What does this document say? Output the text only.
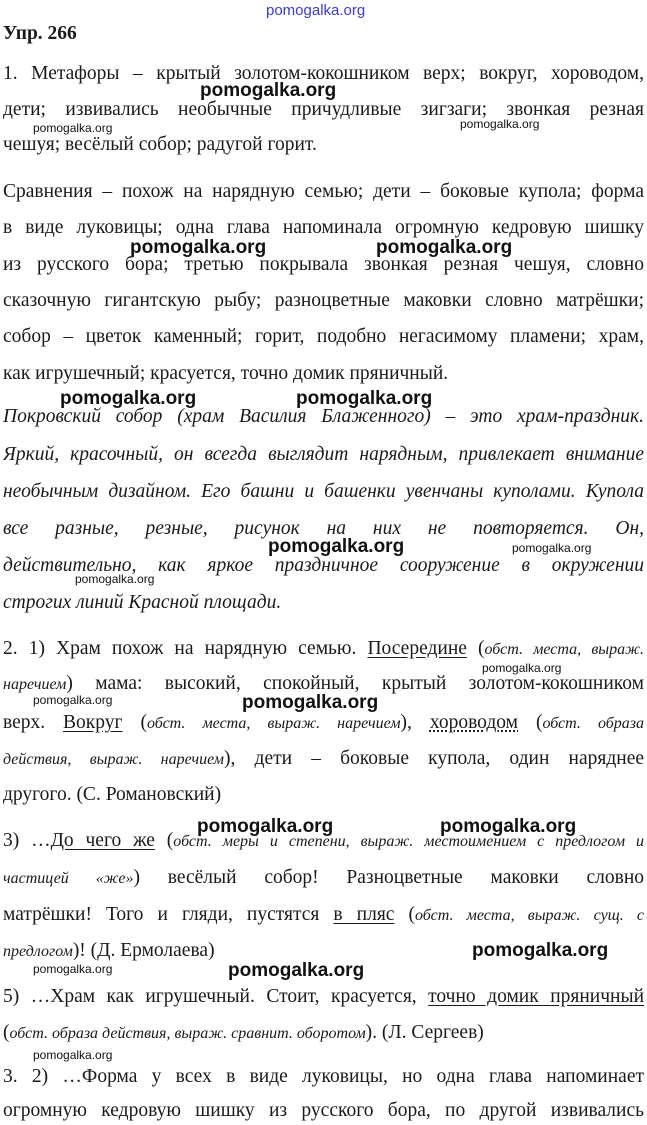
pomogalka.org
Упр. 266
1. Метафоры – крытый золотом-кокошником верх; вокруг, хороводом,
pomogalka.org
дети; извивались необычные причудливые зигзаги; звонкая резная
pomogalka.org	pomogalka.org
чешуя; весёлый собор; радугой горит.
Сравнения – похож на нарядную семью; дети – боковые купола; форма
в виде луковицы; одна глава напоминала огромную кедровую шишку
pomogalka.org	pomogalka.org
из русского бора; третью покрывала звонкая резная чешуя, словно
сказочную гигантскую рыбу; разноцветные маковки словно матрёшки;
собор – цветок каменный; горит, подобно негасимому пламени; храм,
как игрушечный; красуется, точно домик пряничный.
pomogalka.org	pomogalka.org
Покровский собор (храм Василия Блаженного) – это храм-праздник.
Яркий, красочный, он всегда выглядит нарядным, привлекает внимание
необычным дизайном. Его башни и башенки увенчаны куполами. Купола
все разные, резные, рисунок на них не повторяется. Он,
pomogalka.org	pomogalka.org
действительно, как яркое праздничное сооружение в окружении
pomogalka.org
строгих линий Красной площади.
2. 1) Храм похож на нарядную семью. Посередине (обст. места, выраж.
pomogalka.org
наречием) мама: высокий, спокойный, крытый золотом-кокошником
pomogalka.org	pomogalka.org
верх. Вокруг (обст. места, выраж. наречием), хороводом (обст. образа
действия, выраж. наречием), дети – боковые купола, один наряднее
другого. (С. Романовский)
pomogalka.org	pomogalka.org
3) …До чего же (обст. меры и степени, выраж. местоимением с предлогом и
частицей «же») весёлый собор! Разноцветные маковки словно
матрёшки! Того и гляди, пустятся в пляс (обст. места, выраж. сущ. с
предлогом)! (Д. Ермолаева)	pomogalka.org
pomogalka.org	pomogalka.org
5) …Храм как игрушечный. Стоит, красуется, точно домик пряничный
(обст. образа действия, выраж. сравнит. оборотом). (Л. Сергеев)
pomogalka.org
3. 2) …Форма у всех в виде луковицы, но одна глава напоминает
огромную кедровую шишку из русского бора, по другой извивались
